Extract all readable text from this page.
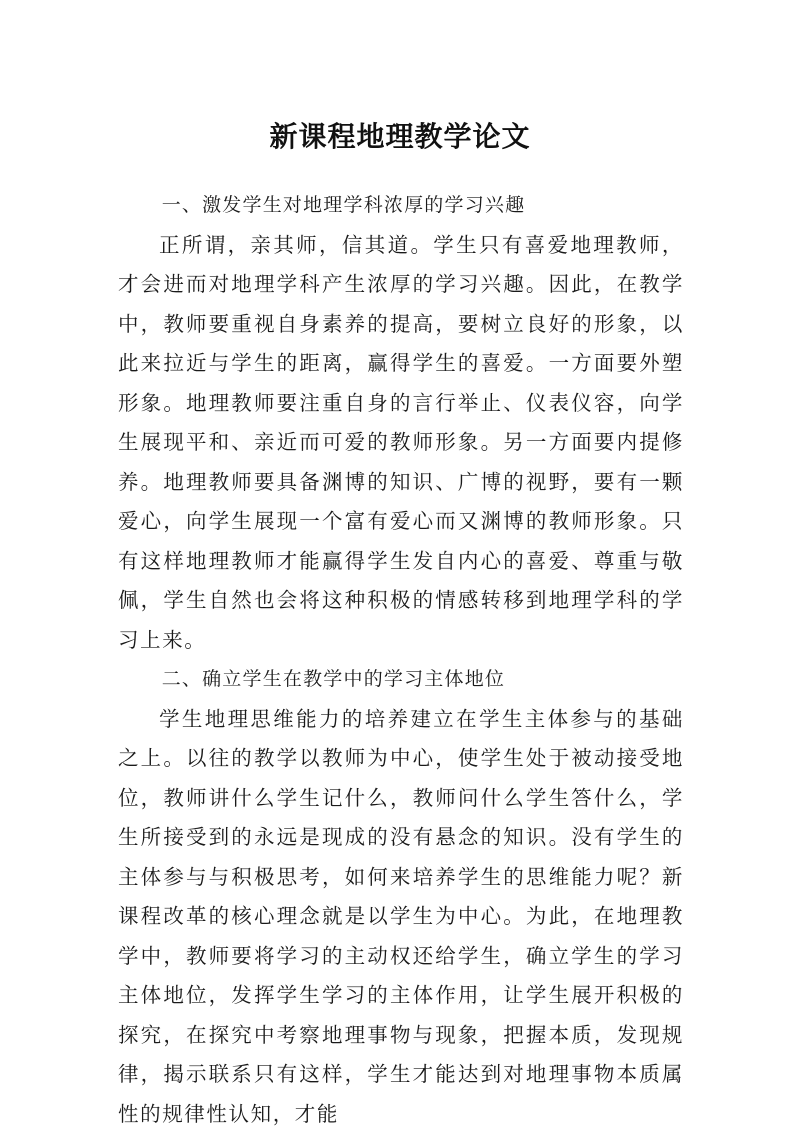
新课程地理教学论文

一、激发学生对地理学科浓厚的学习兴趣

正所谓，亲其师，信其道。学生只有喜爱地理教师，才会进而对地理学科产生浓厚的学习兴趣。因此，在教学中，教师要重视自身素养的提高，要树立良好的形象，以此来拉近与学生的距离，赢得学生的喜爱。一方面要外塑形象。地理教师要注重自身的言行举止、仪表仪容，向学生展现平和、亲近而可爱的教师形象。另一方面要内提修养。地理教师要具备渊博的知识、广博的视野，要有一颗爱心，向学生展现一个富有爱心而又渊博的教师形象。只有这样地理教师才能赢得学生发自内心的喜爱、尊重与敬佩，学生自然也会将这种积极的情感转移到地理学科的学习上来。

二、确立学生在教学中的学习主体地位

学生地理思维能力的培养建立在学生主体参与的基础之上。以往的教学以教师为中心，使学生处于被动接受地位，教师讲什么学生记什么，教师问什么学生答什么，学生所接受到的永远是现成的没有悬念的知识。没有学生的主体参与与积极思考，如何来培养学生的思维能力呢？新课程改革的核心理念就是以学生为中心。为此，在地理教学中，教师要将学习的主动权还给学生，确立学生的学习主体地位，发挥学生学习的主体作用，让学生展开积极的探究，在探究中考察地理事物与现象，把握本质，发现规律，揭示联系只有这样，学生才能达到对地理事物本质属性的规律性认知，才能
